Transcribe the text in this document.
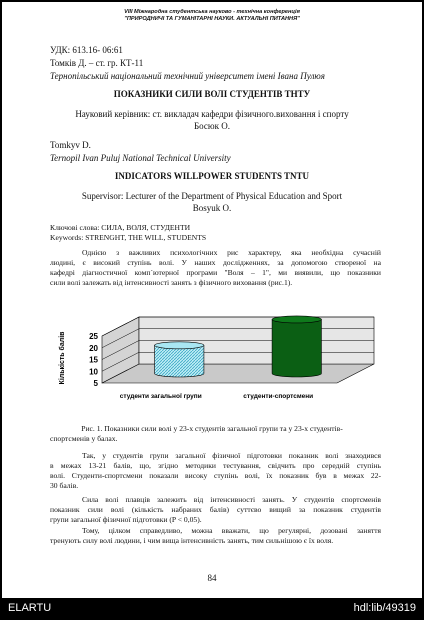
VIII Міжнародна студентська науково - технічна конференція
"ПРИРОДНИЧІ ТА ГУМАНІТАРНІ НАУКИ. АКТУАЛЬНІ ПИТАННЯ"
УДК: 613.16- 06:61
Томків Д. – ст. гр. КТ-11
Тернопільський національний технічний університет імені Івана Пулюя
ПОКАЗНИКИ СИЛИ ВОЛІ СТУДЕНТІВ ТНТУ
Науковий керівник: ст. викладач кафедри фізичного.виховання і спорту
Босюк О.
Tomkyv D.
Ternopil Ivan Puluj National Technical University
INDICATORS WILLPOWER STUDENTS TNTU
Supervisor: Lecturer of the Department of Physical Education and Sport
Bosyuk O.
Ключові слова: СИЛА, ВОЛЯ, СТУДЕНТИ
Keywords: STRENGHT, THE WILL, STUDENTS
Однією з важливих психологічних рис характеру, яка необхідна сучасній
людині, є високий ступінь волі. У наших дослідженнях, за допомогою створеної на
кафедрі діагностичної комп`ютерної програми "Воля – 1", ми виявили, що показники
сили волі залежать від інтенсивності занять з фізичного виховання (рис.1).
5
10
15
20
25
студенти загальної групи	студенти-спортсмени
Кількість балів
Рис. 1. Показники сили волі у 23-х студентів загальної групи та у 23-х студентів-
спортсменів у балах.
Так, у студентів групи загальної фізичної підготовки показник волі знаходився
в межах 13-21 балів, що, згідно методики тестування, свідчить про середній ступінь
волі. Студенти-спортсмени показали високу ступінь волі, їх показник був в межах 22-
30 балів.
Сила волі плавців залежить від інтенсивності занять. У студентів спортсменів
показник сили волі (кількість набраних балів) суттєво вищий за показник студентів
групи загальної фізичної підготовки (P < 0,05).
Тому, цілком справедливо, можна вважати, що регулярні, дозовані заняття
тренують силу волі людини, і чим вища інтенсивність занять, тим сильнішою є їх воля.
84
ELARTU	hdl:lib/49319
